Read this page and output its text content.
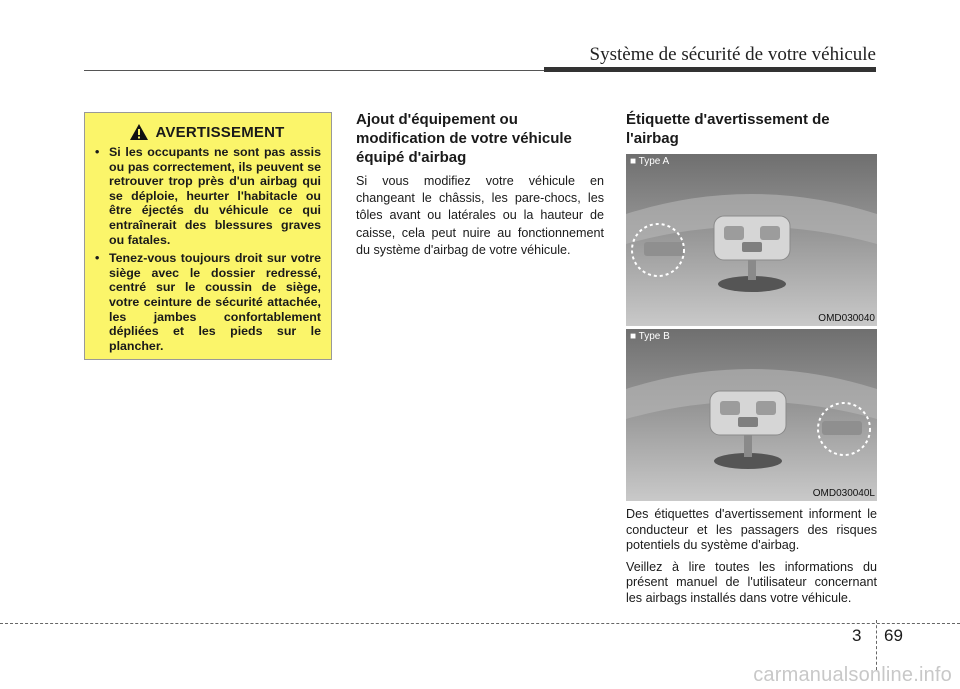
Système de sécurité de votre véhicule
AVERTISSEMENT
• Si les occupants ne sont pas assis ou pas correctement, ils peuvent se retrouver trop près d'un airbag qui se déploie, heurter l'habitacle ou être éjectés du véhicule ce qui entraînerait des blessures graves ou fatales.
• Tenez-vous toujours droit sur votre siège avec le dossier redressé, centré sur le coussin de siège, votre ceinture de sécurité attachée, les jambes confortablement dépliées et les pieds sur le plancher.
Ajout d'équipement ou modification de votre véhicule équipé d'airbag

Si vous modifiez votre véhicule en changeant le châssis, les pare-chocs, les tôles avant ou latérales ou la hauteur de caisse, cela peut nuire au fonctionnement du système d'airbag de votre véhicule.

Étiquette d'avertissement de l'airbag
■ Type A
OMD030040
■ Type B
OMD030040L

Des étiquettes d'avertissement informent le conducteur et les passagers des risques potentiels du système d'airbag.

Veillez à lire toutes les informations du présent manuel de l'utilisateur concernant les airbags installés dans votre véhicule.

3 69
carmanualsonline.info
